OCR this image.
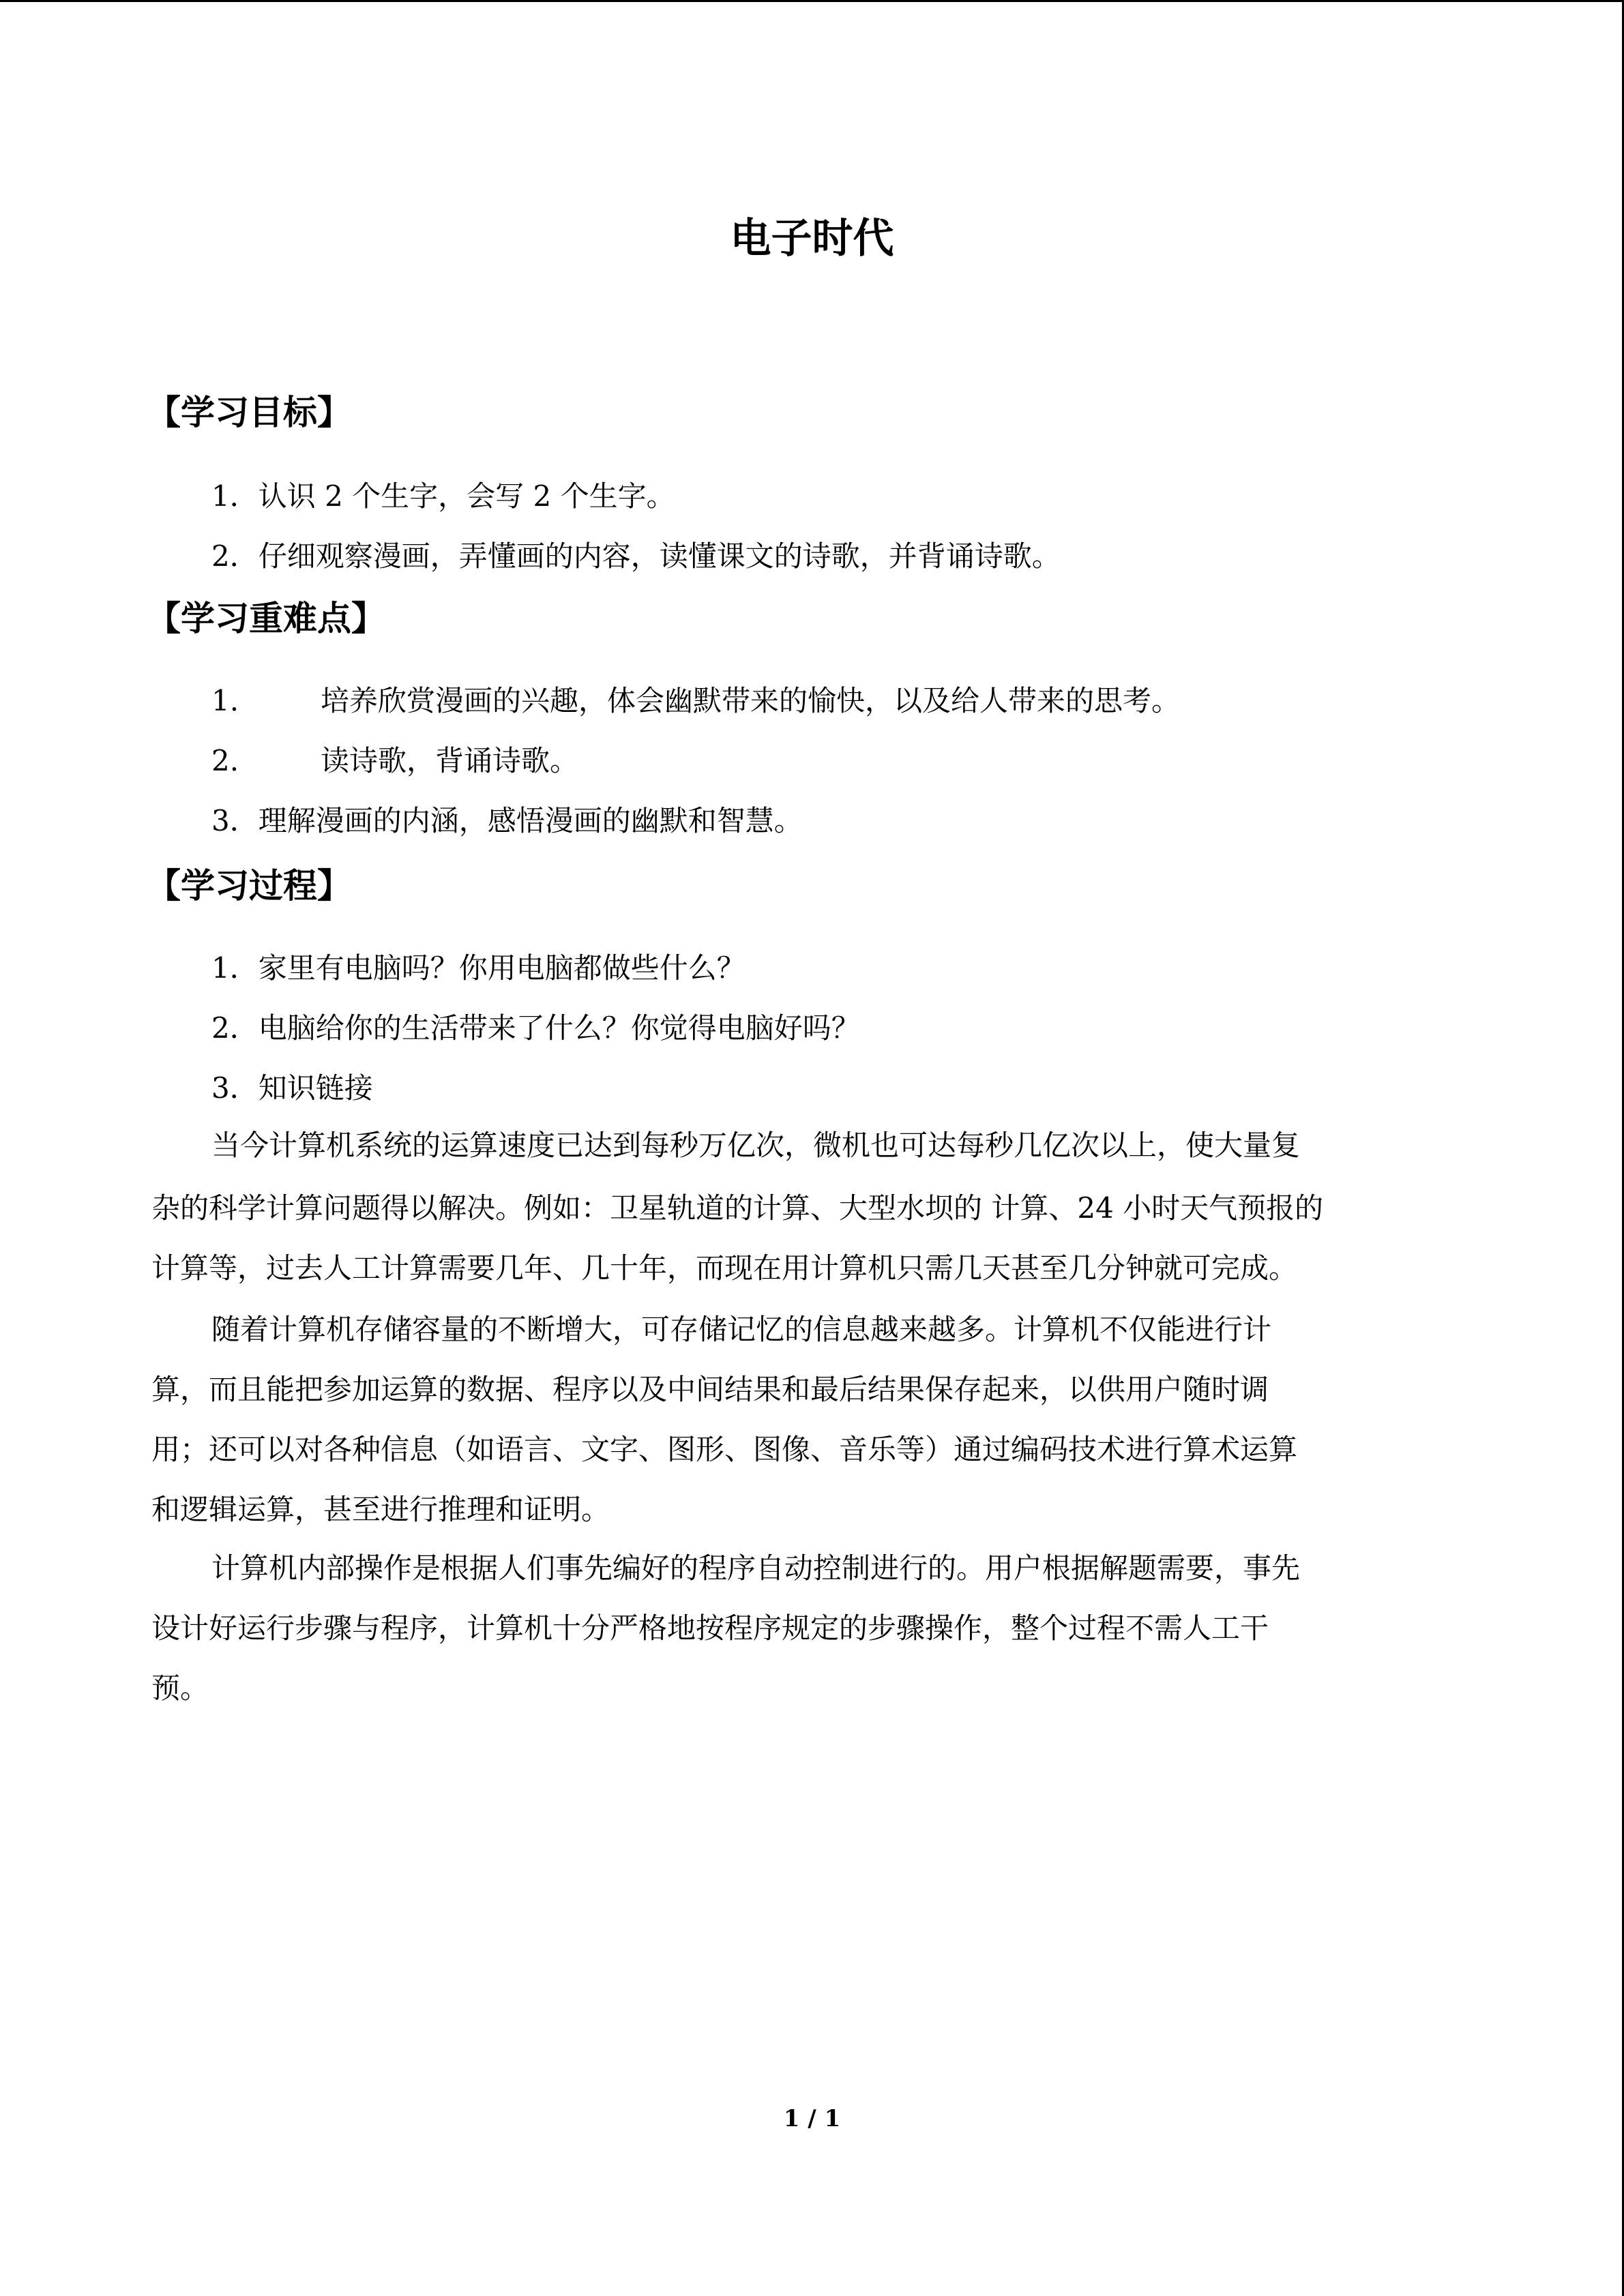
电子时代
【学习目标】

1．认识 2 个生字，会写 2 个生字。

2．仔细观察漫画，弄懂画的内容，读懂课文的诗歌，并背诵诗歌。

【学习重难点】

1.	培养欣赏漫画的兴趣，体会幽默带来的愉快，以及给人带来的思考。

2.	读诗歌，背诵诗歌。

3．理解漫画的内涵，感悟漫画的幽默和智慧。

【学习过程】

1．家里有电脑吗？你用电脑都做些什么？

2．电脑给你的生活带来了什么？你觉得电脑好吗？

3．知识链接

当今计算机系统的运算速度已达到每秒万亿次，微机也可达每秒几亿次以上，使大量复

杂的科学计算问题得以解决。例如：卫星轨道的计算、大型水坝的 计算、24 小时天气预报的

计算等，过去人工计算需要几年、几十年，而现在用计算机只需几天甚至几分钟就可完成。

随着计算机存储容量的不断增大，可存储记忆的信息越来越多。计算机不仅能进行计

算，而且能把参加运算的数据、程序以及中间结果和最后结果保存起来，以供用户随时调

用；还可以对各种信息（如语言、文字、图形、图像、音乐等）通过编码技术进行算术运算

和逻辑运算，甚至进行推理和证明。

计算机内部操作是根据人们事先编好的程序自动控制进行的。用户根据解题需要，事先

设计好运行步骤与程序，计算机十分严格地按程序规定的步骤操作，整个过程不需人工干

预。

1 / 1
